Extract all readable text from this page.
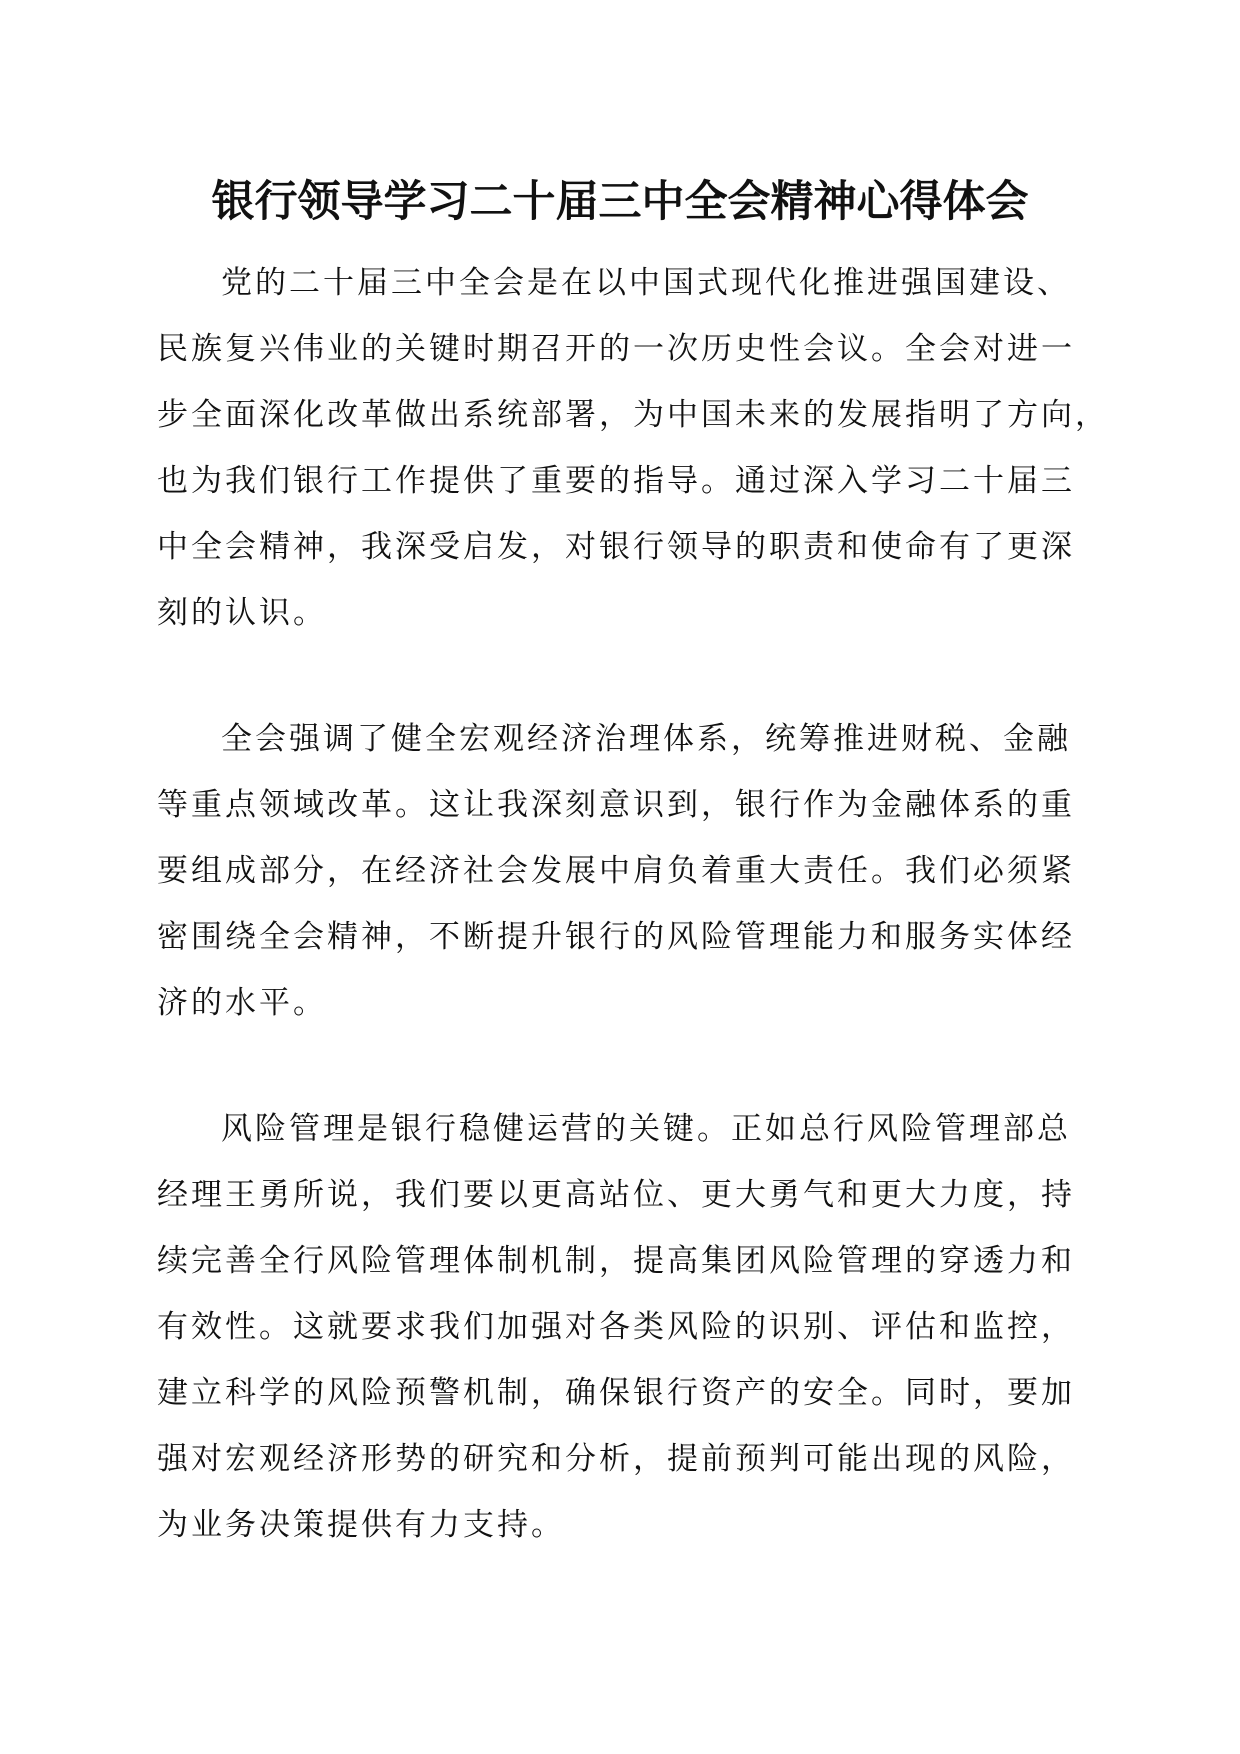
银行领导学习二十届三中全会精神心得体会
党的二十届三中全会是在以中国式现代化推进强国建设、
民族复兴伟业的关键时期召开的一次历史性会议。全会对进一
步全面深化改革做出系统部署，为中国未来的发展指明了方向，
也为我们银行工作提供了重要的指导。通过深入学习二十届三
中全会精神，我深受启发，对银行领导的职责和使命有了更深
刻的认识。
全会强调了健全宏观经济治理体系，统筹推进财税、金融
等重点领域改革。这让我深刻意识到，银行作为金融体系的重
要组成部分，在经济社会发展中肩负着重大责任。我们必须紧
密围绕全会精神，不断提升银行的风险管理能力和服务实体经
济的水平。
风险管理是银行稳健运营的关键。正如总行风险管理部总
经理王勇所说，我们要以更高站位、更大勇气和更大力度，持
续完善全行风险管理体制机制，提高集团风险管理的穿透力和
有效性。这就要求我们加强对各类风险的识别、评估和监控，
建立科学的风险预警机制，确保银行资产的安全。同时，要加
强对宏观经济形势的研究和分析，提前预判可能出现的风险，
为业务决策提供有力支持。
